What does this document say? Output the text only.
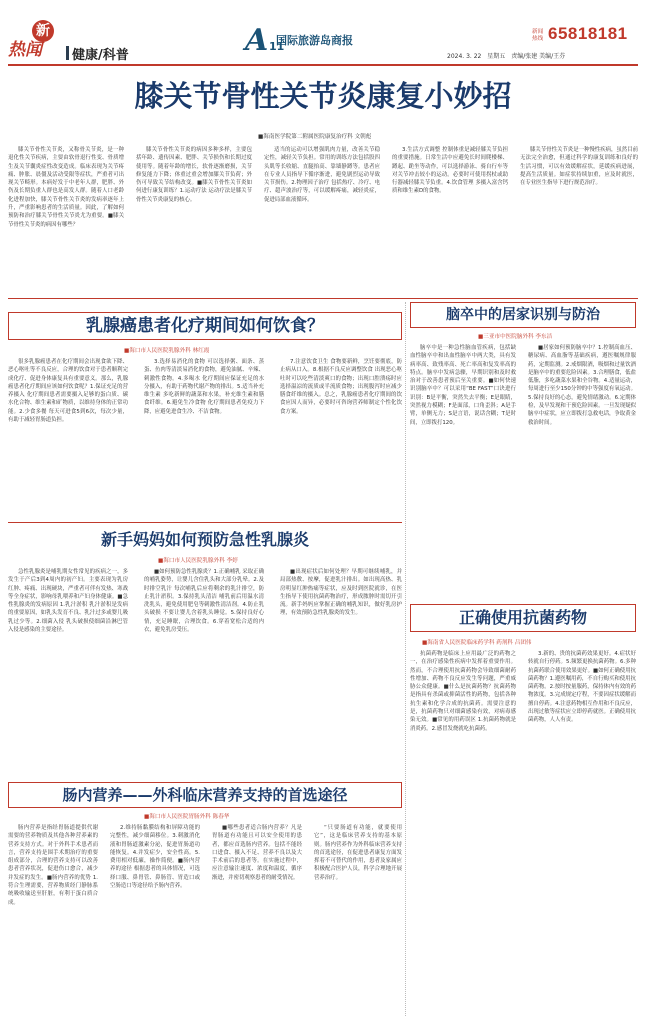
新
热闻	健康/科普	A 11
国际旅游岛商报
2024. 3. 22 星期五 责编/张建 美编/王芬
新闻热线 65818181
膝关节骨性关节炎康复小妙招
■海南医学院第二附属医院康复治疗科 文朝彪
膝关节骨性关节炎，又称骨关节炎，是一种退化性关节疾病，主要由软骨退行性变、骨质增生及关节囊炎症性改变造成。临床表现为关节疼痛、肿胀、晨僵及活动受限等症状，严重者可出现关节畸形。本病好发于中老年人群，肥胖、外伤及长期负重人群也是高发人群。随着人口老龄化进程加快，膝关节骨性关节炎的发病率逐年上升，严重影响患者的生活质量。因此，了解如何预防和治疗膝关节骨性关节炎尤为重要。■膝关节骨性关节炎的病因有哪些？
膝关节骨性关节炎的病因多种多样，主要包括年龄、遗传因素、肥胖、关节损伤和长期过度使用等。随着年龄的增长，软骨逐渐磨损，关节修复能力下降；体重过重会增加膝关节负荷；外伤可导致关节结构改变。■膝关节骨性关节炎如何进行康复训练？1.运动疗法 运动疗法是膝关节骨性关节炎康复的核心。
适当的运动可以增强肌肉力量，改善关节稳定性，减轻关节负担。常用的训练方法包括股四头肌等长收缩、直腿抬高、靠墙静蹲等。患者应在专业人员指导下循序渐进，避免剧烈运动导致关节损伤。2.物理因子治疗 包括热疗、冷疗、电疗、超声波治疗等，可以缓解疼痛，减轻炎症，促进局部血液循环。
3.生活方式调整 控制体重是减轻膝关节负担的重要措施。日常生活中应避免长时间爬楼梯、蹲起、跪坐等动作，可以选择游泳、骑自行车等对关节冲击较小的运动。必要时可使用拐杖或助行器减轻膝关节负重。4.饮食管理 多摄入富含钙质和维生素D的食物。
膝关节骨性关节炎是一种慢性疾病，虽然目前无法完全治愈，但通过科学的康复训练和良好的生活习惯，可以有效缓解症状，延缓疾病进展，提高生活质量。如症状持续加重，应及时就医，在专业医生指导下进行规范治疗。
乳腺癌患者化疗期间如何饮食？
■海口市人民医院乳腺外科 林红霞
很多乳腺癌患者在化疗期间会出现食欲下降、恶心呕吐等不良反应，合理的饮食对于患者顺利完成化疗、促进身体康复具有重要意义。那么，乳腺癌患者化疗期间应该如何饮食呢？1.保证充足的营养摄入 化疗期间患者需要摄入足够的蛋白质、碳水化合物、维生素和矿物质，以维持身体的正常功能。2.少食多餐 每天可进食5到6次，每次少量，有助于减轻胃肠道负担。
3.选择易消化的食物 可以选择粥、面条、蒸蛋、鱼肉等清淡易消化的食物，避免油腻、辛辣、刺激性食物。4.多喝水 化疗期间应保证充足的水分摄入，有助于药物代谢产物的排出。5.适当补充维生素 多吃新鲜的蔬菜和水果，补充维生素和膳食纤维。6.避免生冷食物 化疗期间患者免疫力下降，应避免进食生冷、不洁食物。
7.注意饮食卫生 食物要新鲜，烹饪要彻底，防止病从口入。8.根据不良反应调整饮食 出现恶心呕吐时可以吃些清淡爽口的食物；出现口腔溃疡时应选择温凉的流质或半流质食物；出现腹泻时应减少膳食纤维的摄入。总之，乳腺癌患者化疗期间的饮食应因人而异，必要时可咨询营养师制定个性化饮食方案。
脑卒中的居家识别与防治
■三亚市中医院脑外科 李东洁
脑卒中是一种急性脑血管疾病，包括缺血性脑卒中和出血性脑卒中两大类，具有发病率高、致残率高、死亡率高和复发率高的特点。脑卒中发病急骤，早期识别和及时救治对于改善患者预后至关重要。■如何快速识别脑卒中？可以采用“BE FAST”口诀进行识别：B是平衡，突然失去平衡；E是眼睛，突然视力模糊；F是面部，口角歪斜；A是手臂，单侧无力；S是言语，说话含糊；T是时间，立即拨打120。
■居家如何预防脑卒中？1.控制高血压、糖尿病、高血脂等基础疾病，遵医嘱规律服药，定期监测。2.戒烟限酒，吸烟和过量饮酒是脑卒中的重要危险因素。3.合理膳食，低盐低脂，多吃蔬菜水果和全谷物。4.适量运动，每周进行至少150分钟的中等强度有氧运动。5.保持良好的心态，避免情绪激动。6.定期体检，及早发现和干预危险因素。一旦发现疑似脑卒中症状，应立即拨打急救电话，争取黄金救治时间。
正确使用抗菌药物
■海南省人民医院临床药学科 药剂科 吕团伟
抗菌药物是临床上应用最广泛的药物之一，在治疗感染性疾病中发挥着重要作用。然而，不合理使用抗菌药物会导致细菌耐药性增加、药物不良反应发生等问题，严重威胁公众健康。■什么是抗菌药物？抗菌药物是指具有杀菌或抑菌活性的药物，包括各种抗生素和化学合成的抗菌药。需要注意的是，抗菌药物只对细菌感染有效，对病毒感染无效。■常见的用药误区 1.抗菌药物就是消炎药。2.感冒发烧就吃抗菌药。
3.新的、贵的抗菌药效果更好。4.症状好转就自行停药。5.频繁更换抗菌药物。6.多种抗菌药联合使用效果更好。■如何正确使用抗菌药物？1.遵医嘱用药，不自行购买和使用抗菌药物。2.按时按量服药，保持体内有效的药物浓度。3.完成规定疗程，不要因症状缓解而擅自停药。4.注意药物相互作用和不良反应，出现过敏等症状应立即停药就医。正确使用抗菌药物，人人有责。
新手妈妈如何预防急性乳腺炎
■海口市人民医院乳腺外科 李婷
急性乳腺炎是哺乳期女性常见的疾病之一，多发生于产后3到4周内的初产妇。主要表现为乳房红肿、疼痛、出现硬块，严重者可伴有发热、寒战等全身症状，影响母乳喂养和产妇身体健康。■急性乳腺炎的发病原因 1.乳汁淤积 乳汁淤积是发病的重要原因，如乳头发育不良、乳汁过多或婴儿吸乳过少等。2.细菌入侵 乳头破损使细菌沿淋巴管入侵是感染的主要途径。
■如何预防急性乳腺炎？1.正确哺乳 采取正确的哺乳姿势，让婴儿含住乳头和大部分乳晕。2.及时排空乳汁 每次哺乳后应将剩余的乳汁排空，防止乳汁淤积。3.保持乳头清洁 哺乳前后用温水清洗乳头，避免使用肥皂等刺激性清洁剂。4.防止乳头破损 不要让婴儿含着乳头睡觉。5.保持良好心情，充足睡眠，合理饮食。6.穿着宽松合适的内衣，避免乳房受压。
■出现症状后如何处理？早期可继续哺乳，并局部热敷、按摩，促进乳汁排出。如出现高热、乳房明显红肿热痛等症状，应及时到医院就诊，在医生指导下使用抗菌药物治疗，形成脓肿时需切开引流。新手妈妈应掌握正确的哺乳知识，做好乳房护理，有效预防急性乳腺炎的发生。
肠内营养——外科临床营养支持的首选途径
■海口市人民医院胃肠外科 陈春华
肠内营养是指经胃肠道提供代谢需要的营养物质及其他各种营养素的营养支持方式。对于外科手术患者而言，营养支持是围手术期治疗的重要组成部分，合理的营养支持可以改善患者营养状况，促进伤口愈合，减少并发症的发生。■肠内营养的优势 1.符合生理需要，营养物质经门静脉系统吸收输送至肝脏，有利于蛋白质合成。
2.维持肠黏膜结构和屏障功能的完整性，减少细菌移位。3.刺激消化液和胃肠道激素分泌，促进胃肠道功能恢复。4.并发症少，安全性高。5.费用相对低廉，操作简便。■肠内营养的途径 根据患者的具体情况，可选择口服、鼻胃管、鼻肠管、胃造口或空肠造口等途径给予肠内营养。
■哪些患者适合肠内营养？凡是胃肠道有功能且可以安全使用的患者，都应首选肠内营养。包括不能经口进食、摄入不足、营养不良以及大手术前后的患者等。在实施过程中，应注意输注速度、浓度和温度，循序渐进，并密切观察患者的耐受情况。
“只要肠道有功能，就要使用它”，这是临床营养支持的基本原则。肠内营养作为外科临床营养支持的首选途径，在促进患者康复方面发挥着不可替代的作用，患者及家属应积极配合医护人员，科学合理地开展营养治疗。
